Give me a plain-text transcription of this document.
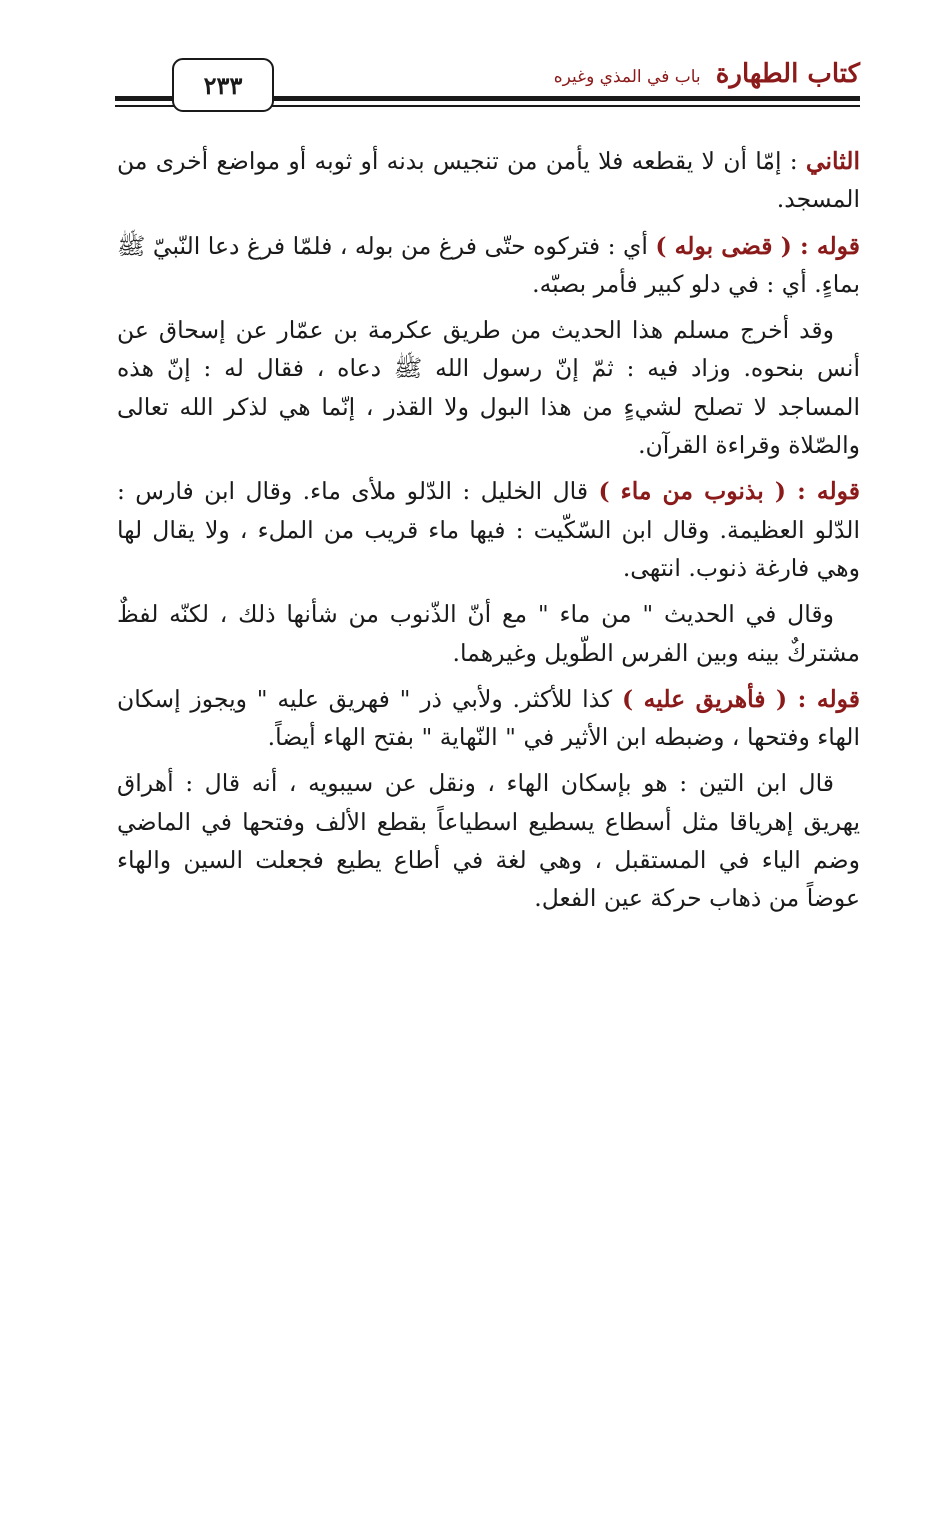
٢٣٣	كتاب الطهارة باب في المذي وغيره

الثاني : إمّا أن لا يقطعه فلا يأمن من تنجيس بدنه أو ثوبه أو مواضع أخرى من المسجد.

قوله : ( قضى بوله ) أي : فتركوه حتّى فرغ من بوله ، فلمّا فرغ دعا النّبيّ ﷺ بماءٍ. أي : في دلو كبير فأمر بصبّه.

وقد أخرج مسلم هذا الحديث من طريق عكرمة بن عمّار عن إسحاق عن أنس بنحوه. وزاد فيه : ثمّ إنّ رسول الله ﷺ دعاه ، فقال له : إنّ هذه المساجد لا تصلح لشيءٍ من هذا البول ولا القذر ، إنّما هي لذكر الله تعالى والصّلاة وقراءة القرآن.

قوله : ( بذنوب من ماء ) قال الخليل : الدّلو ملأى ماء. وقال ابن فارس : الدّلو العظيمة. وقال ابن السّكّيت : فيها ماء قريب من الملء ، ولا يقال لها وهي فارغة ذنوب. انتهى.

وقال في الحديث " من ماء " مع أنّ الذّنوب من شأنها ذلك ، لكنّه لفظٌ مشتركٌ بينه وبين الفرس الطّويل وغيرهما.

قوله : ( فأهريق عليه ) كذا للأكثر. ولأبي ذر " فهريق عليه " ويجوز إسكان الهاء وفتحها ، وضبطه ابن الأثير في " النّهاية " بفتح الهاء أيضاً.

قال ابن التين : هو بإسكان الهاء ، ونقل عن سيبويه ، أنه قال : أهراق يهريق إهرياقا مثل أسطاع يسطيع اسطياعاً بقطع الألف وفتحها في الماضي وضم الياء في المستقبل ، وهي لغة في أطاع يطيع فجعلت السين والهاء عوضاً من ذهاب حركة عين الفعل.
